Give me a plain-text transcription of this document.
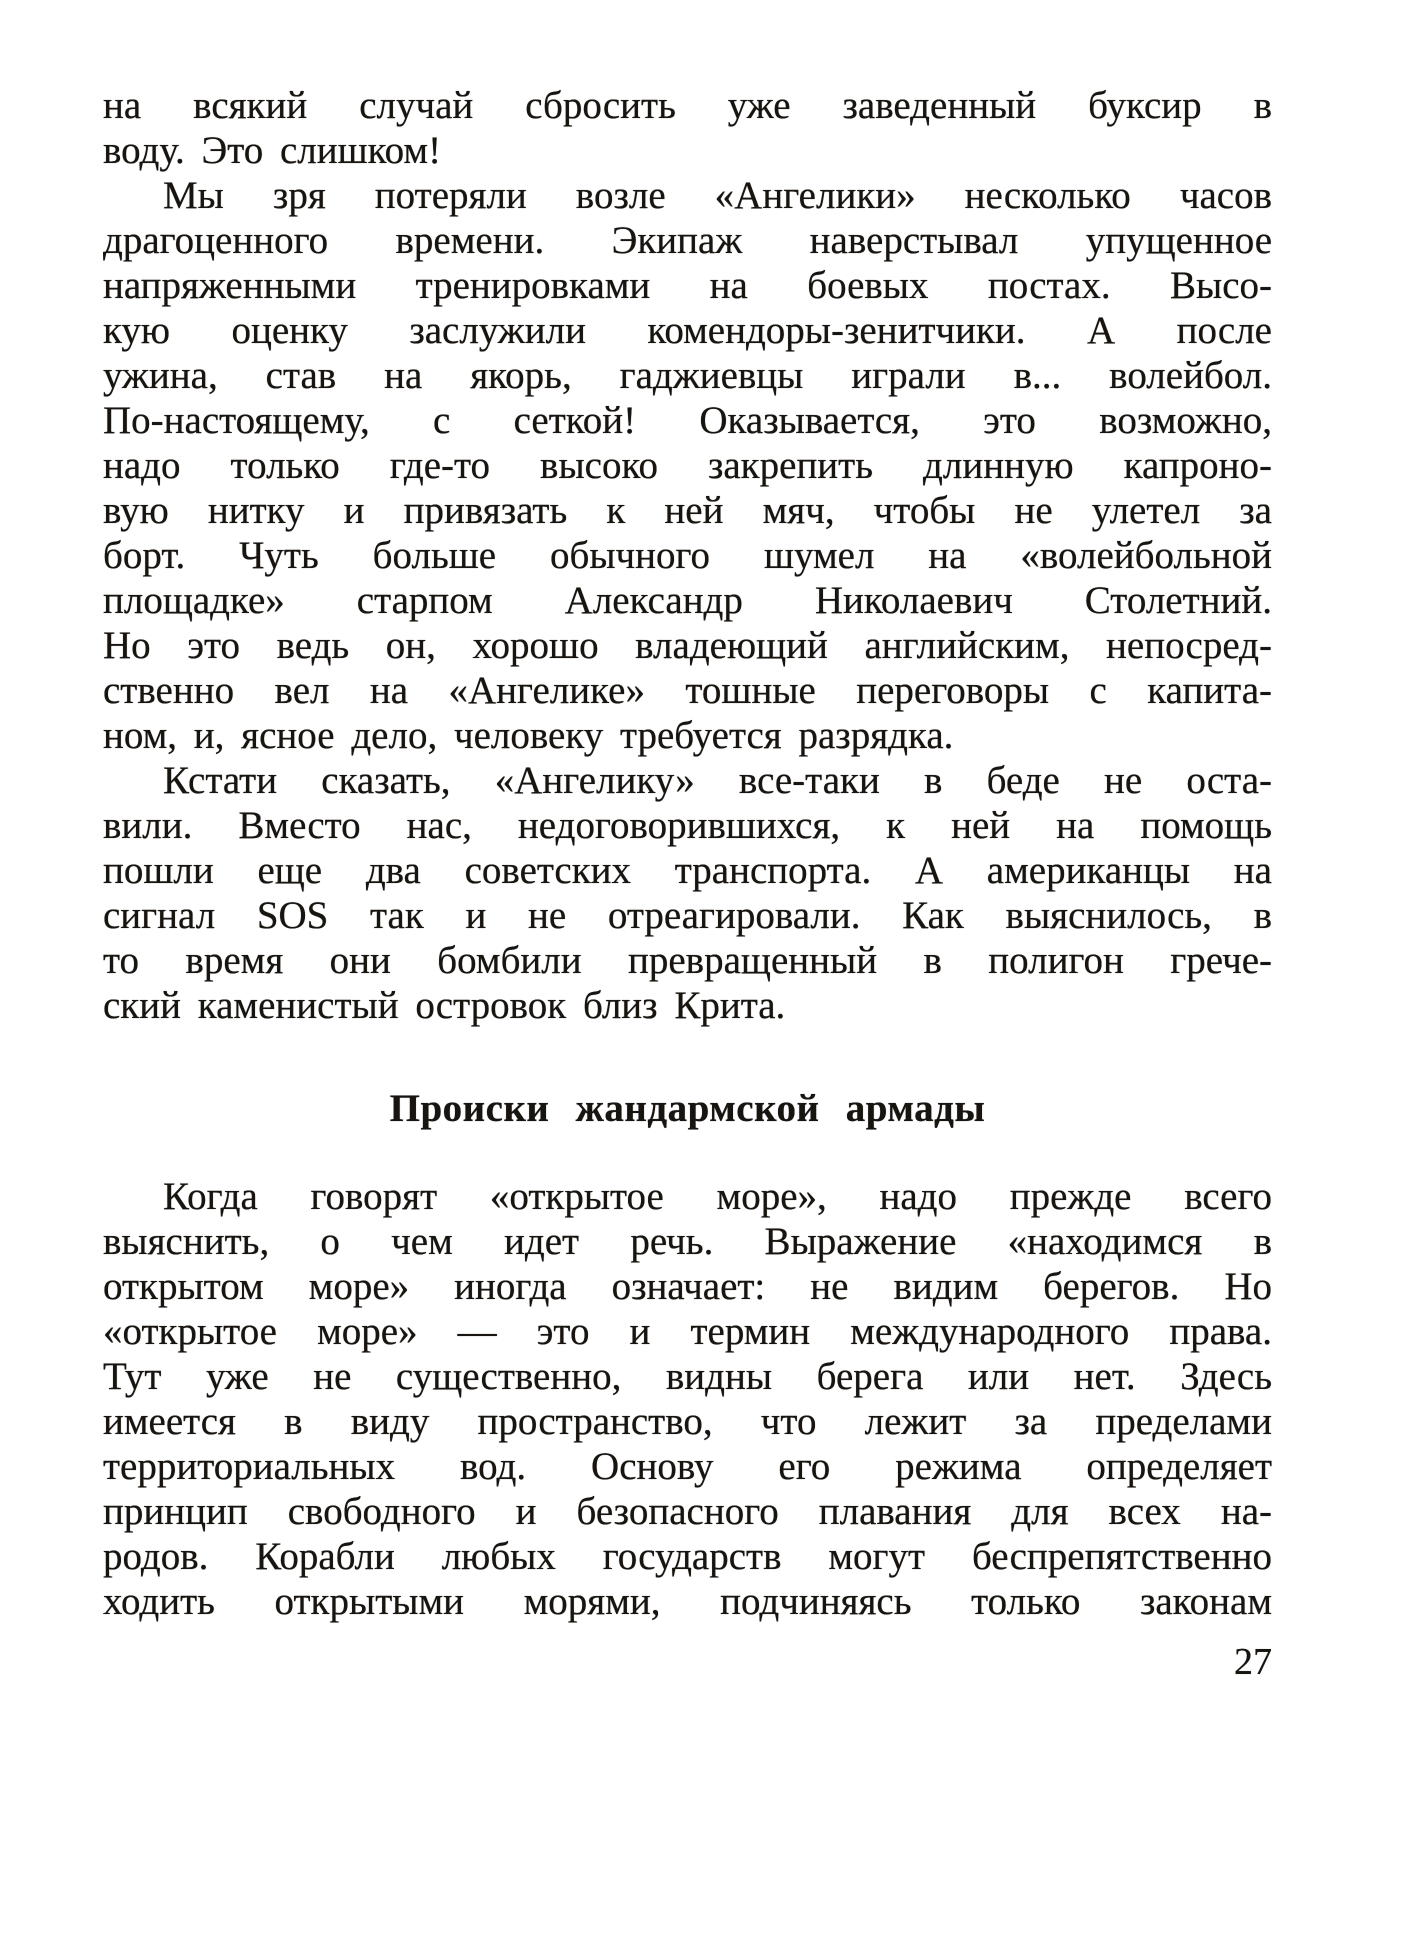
на всякий случай сбросить уже заведенный буксир в
воду. Это слишком!
Мы зря потеряли возле «Ангелики» несколько часов
драгоценного времени. Экипаж наверстывал упущенное
напряженными тренировками на боевых постах. Высо-
кую оценку заслужили комендоры-зенитчики. А после
ужина, став на якорь, гаджиевцы играли в... волейбол.
По-настоящему, с сеткой! Оказывается, это возможно,
надо только где-то высоко закрепить длинную капроно-
вую нитку и привязать к ней мяч, чтобы не улетел за
борт. Чуть больше обычного шумел на «волейбольной
площадке» старпом Александр Николаевич Столетний.
Но это ведь он, хорошо владеющий английским, непосред-
ственно вел на «Ангелике» тошные переговоры с капита-
ном, и, ясное дело, человеку требуется разрядка.
Кстати сказать, «Ангелику» все-таки в беде не оста-
вили. Вместо нас, недоговорившихся, к ней на помощь
пошли еще два советских транспорта. А американцы на
сигнал SOS так и не отреагировали. Как выяснилось, в
то время они бомбили превращенный в полигон грече-
ский каменистый островок близ Крита.
Происки жандармской армады
Когда говорят «открытое море», надо прежде всего
выяснить, о чем идет речь. Выражение «находимся в
открытом море» иногда означает: не видим берегов. Но
«открытое море» — это и термин международного права.
Тут уже не существенно, видны берега или нет. Здесь
имеется в виду пространство, что лежит за пределами
территориальных вод. Основу его режима определяет
принцип свободного и безопасного плавания для всех на-
родов. Корабли любых государств могут беспрепятственно
ходить открытыми морями, подчиняясь только законам
27
